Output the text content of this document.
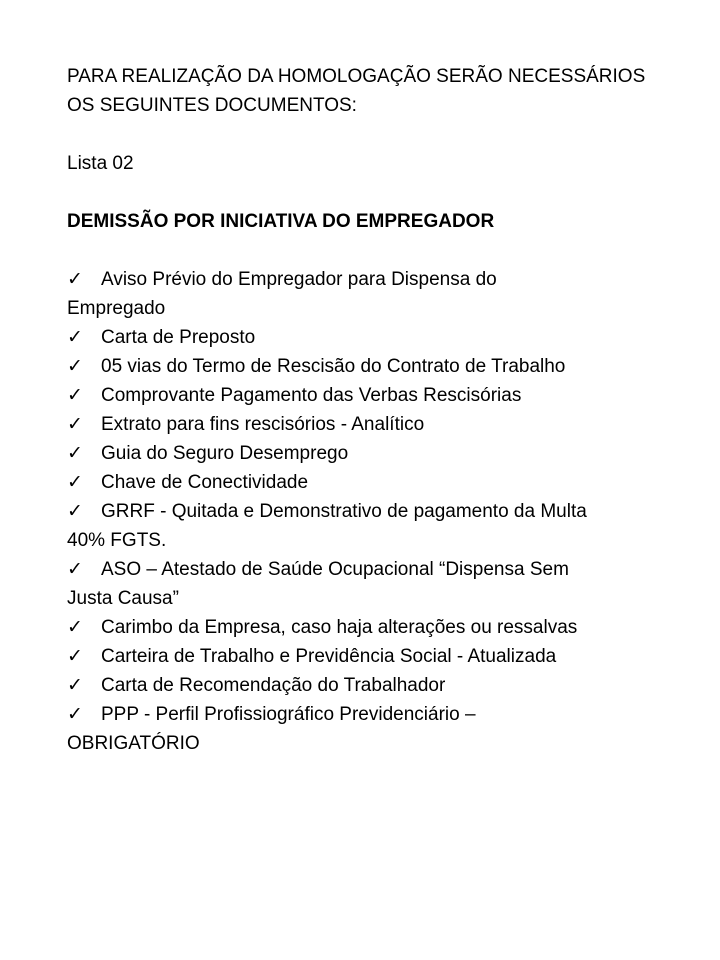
PARA REALIZAÇÃO DA HOMOLOGAÇÃO SERÃO NECESSÁRIOS

OS SEGUINTES DOCUMENTOS:

Lista 02

DEMISSÃO POR INICIATIVA DO EMPREGADOR

✓ Aviso Prévio do Empregador para Dispensa do
Empregado
✓ Carta de Preposto
✓ 05 vias do Termo de Rescisão do Contrato de Trabalho
✓ Comprovante Pagamento das Verbas Rescisórias
✓ Extrato para fins rescisórios - Analítico
✓ Guia do Seguro Desemprego
✓ Chave de Conectividade
✓ GRRF - Quitada e Demonstrativo de pagamento da Multa
40% FGTS.
✓ ASO – Atestado de Saúde Ocupacional “Dispensa Sem
Justa Causa”
✓ Carimbo da Empresa, caso haja alterações ou ressalvas
✓ Carteira de Trabalho e Previdência Social - Atualizada
✓ Carta de Recomendação do Trabalhador
✓ PPP - Perfil Profissiográfico Previdenciário –
OBRIGATÓRIO
